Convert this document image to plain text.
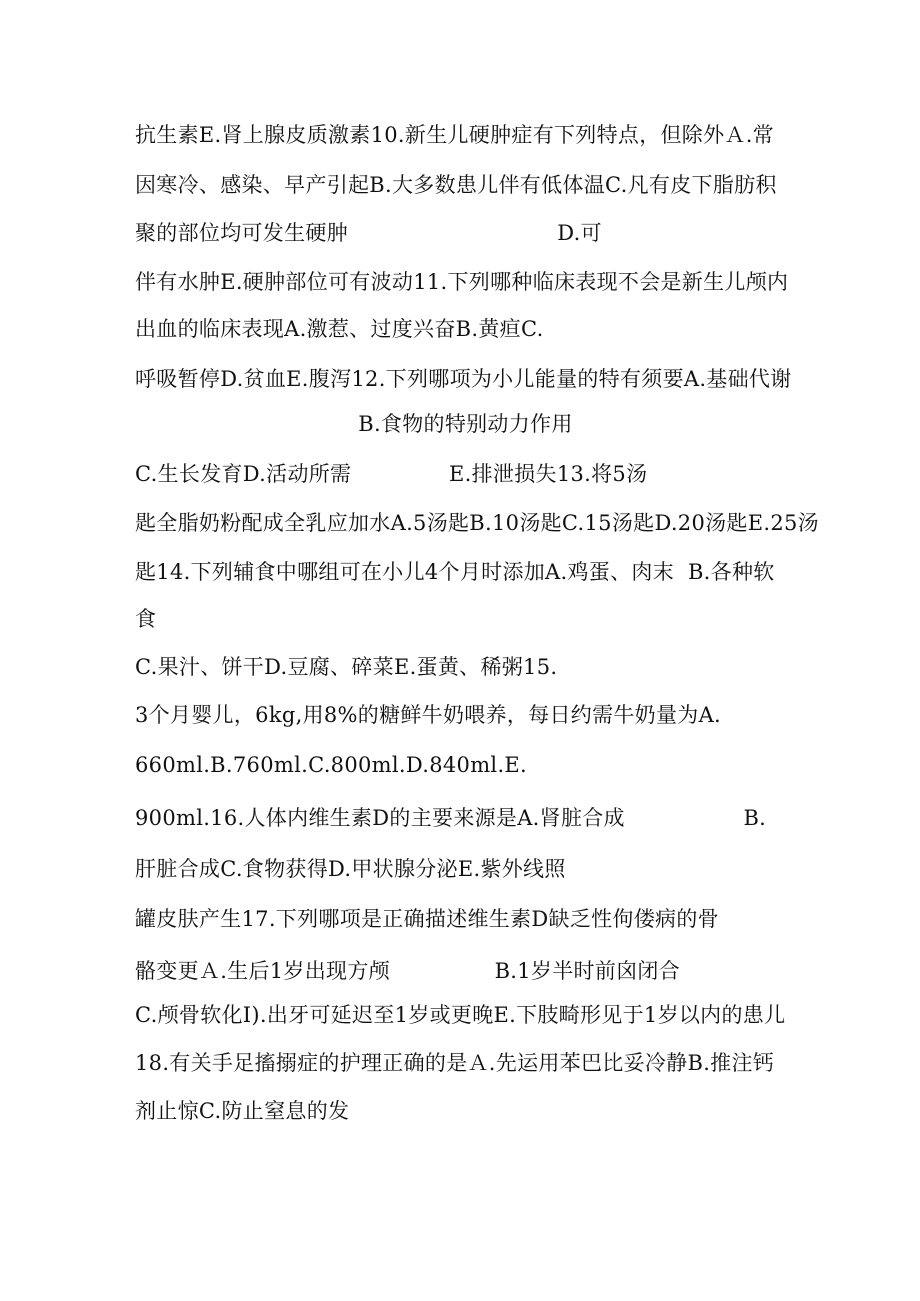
抗生素E.肾上腺皮质激素10.新生儿硬肿症有下列特点，但除外Ａ.常

因寒冷、感染、早产引起B.大多数患儿伴有低体温C.凡有皮下脂肪积

聚的部位均可发生硬肿                              D.可

伴有水肿E.硬肿部位可有波动11.下列哪种临床表现不会是新生儿颅内

出血的临床表现A.激惹、过度兴奋B.黄疸C.

呼吸暂停D.贫血E.腹泻12.下列哪项为小儿能量的特有须要A.基础代谢

B.食物的特别动力作用

C.生长发育D.活动所需              E.排泄损失13.将5汤

匙全脂奶粉配成全乳应加水A.5汤匙B.10汤匙C.15汤匙D.20汤匙E.25汤

匙14.下列辅食中哪组可在小儿4个月时添加A.鸡蛋、肉末  B.各种软

食

C.果汁、饼干D.豆腐、碎菜E.蛋黄、稀粥15.

3个月婴儿，6kg,用8%的糖鲜牛奶喂养，每日约需牛奶量为A.

660ml.B.760ml.C.800ml.D.840ml.E.

900ml.16.人体内维生素D的主要来源是A.肾脏合成                 B.

肝脏合成C.食物获得D.甲状腺分泌E.紫外线照

罐皮肤产生17.下列哪项是正确描述维生素D缺乏性佝偻病的骨

骼变更Ａ.生后1岁出现方颅               B.1岁半时前囟闭合

C.颅骨软化I).出牙可延迟至1岁或更晚E.下肢畸形见于1岁以内的患儿

18.有关手足搐搦症的护理正确的是Ａ.先运用苯巴比妥冷静B.推注钙

剂止惊C.防止窒息的发
